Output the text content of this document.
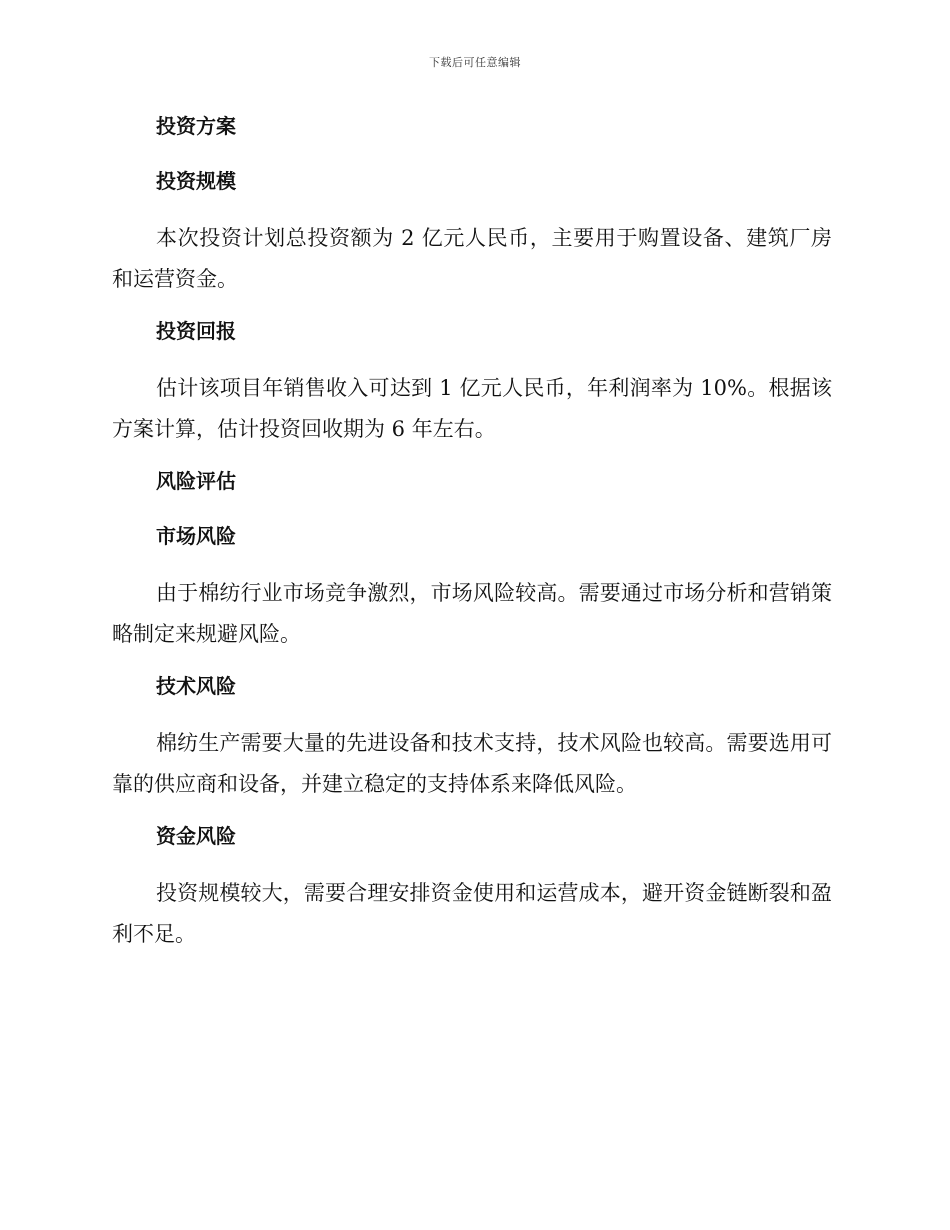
下载后可任意编辑
投资方案
投资规模

本次投资计划总投资额为 2 亿元人民币，主要用于购置设备、建筑厂房和运营资金。

投资回报

估计该项目年销售收入可达到 1 亿元人民币，年利润率为 10%。根据该方案计算，估计投资回收期为 6 年左右。

风险评估
市场风险

由于棉纺行业市场竞争激烈，市场风险较高。需要通过市场分析和营销策略制定来规避风险。

技术风险

棉纺生产需要大量的先进设备和技术支持，技术风险也较高。需要选用可靠的供应商和设备，并建立稳定的支持体系来降低风险。

资金风险

投资规模较大，需要合理安排资金使用和运营成本，避开资金链断裂和盈利不足。
